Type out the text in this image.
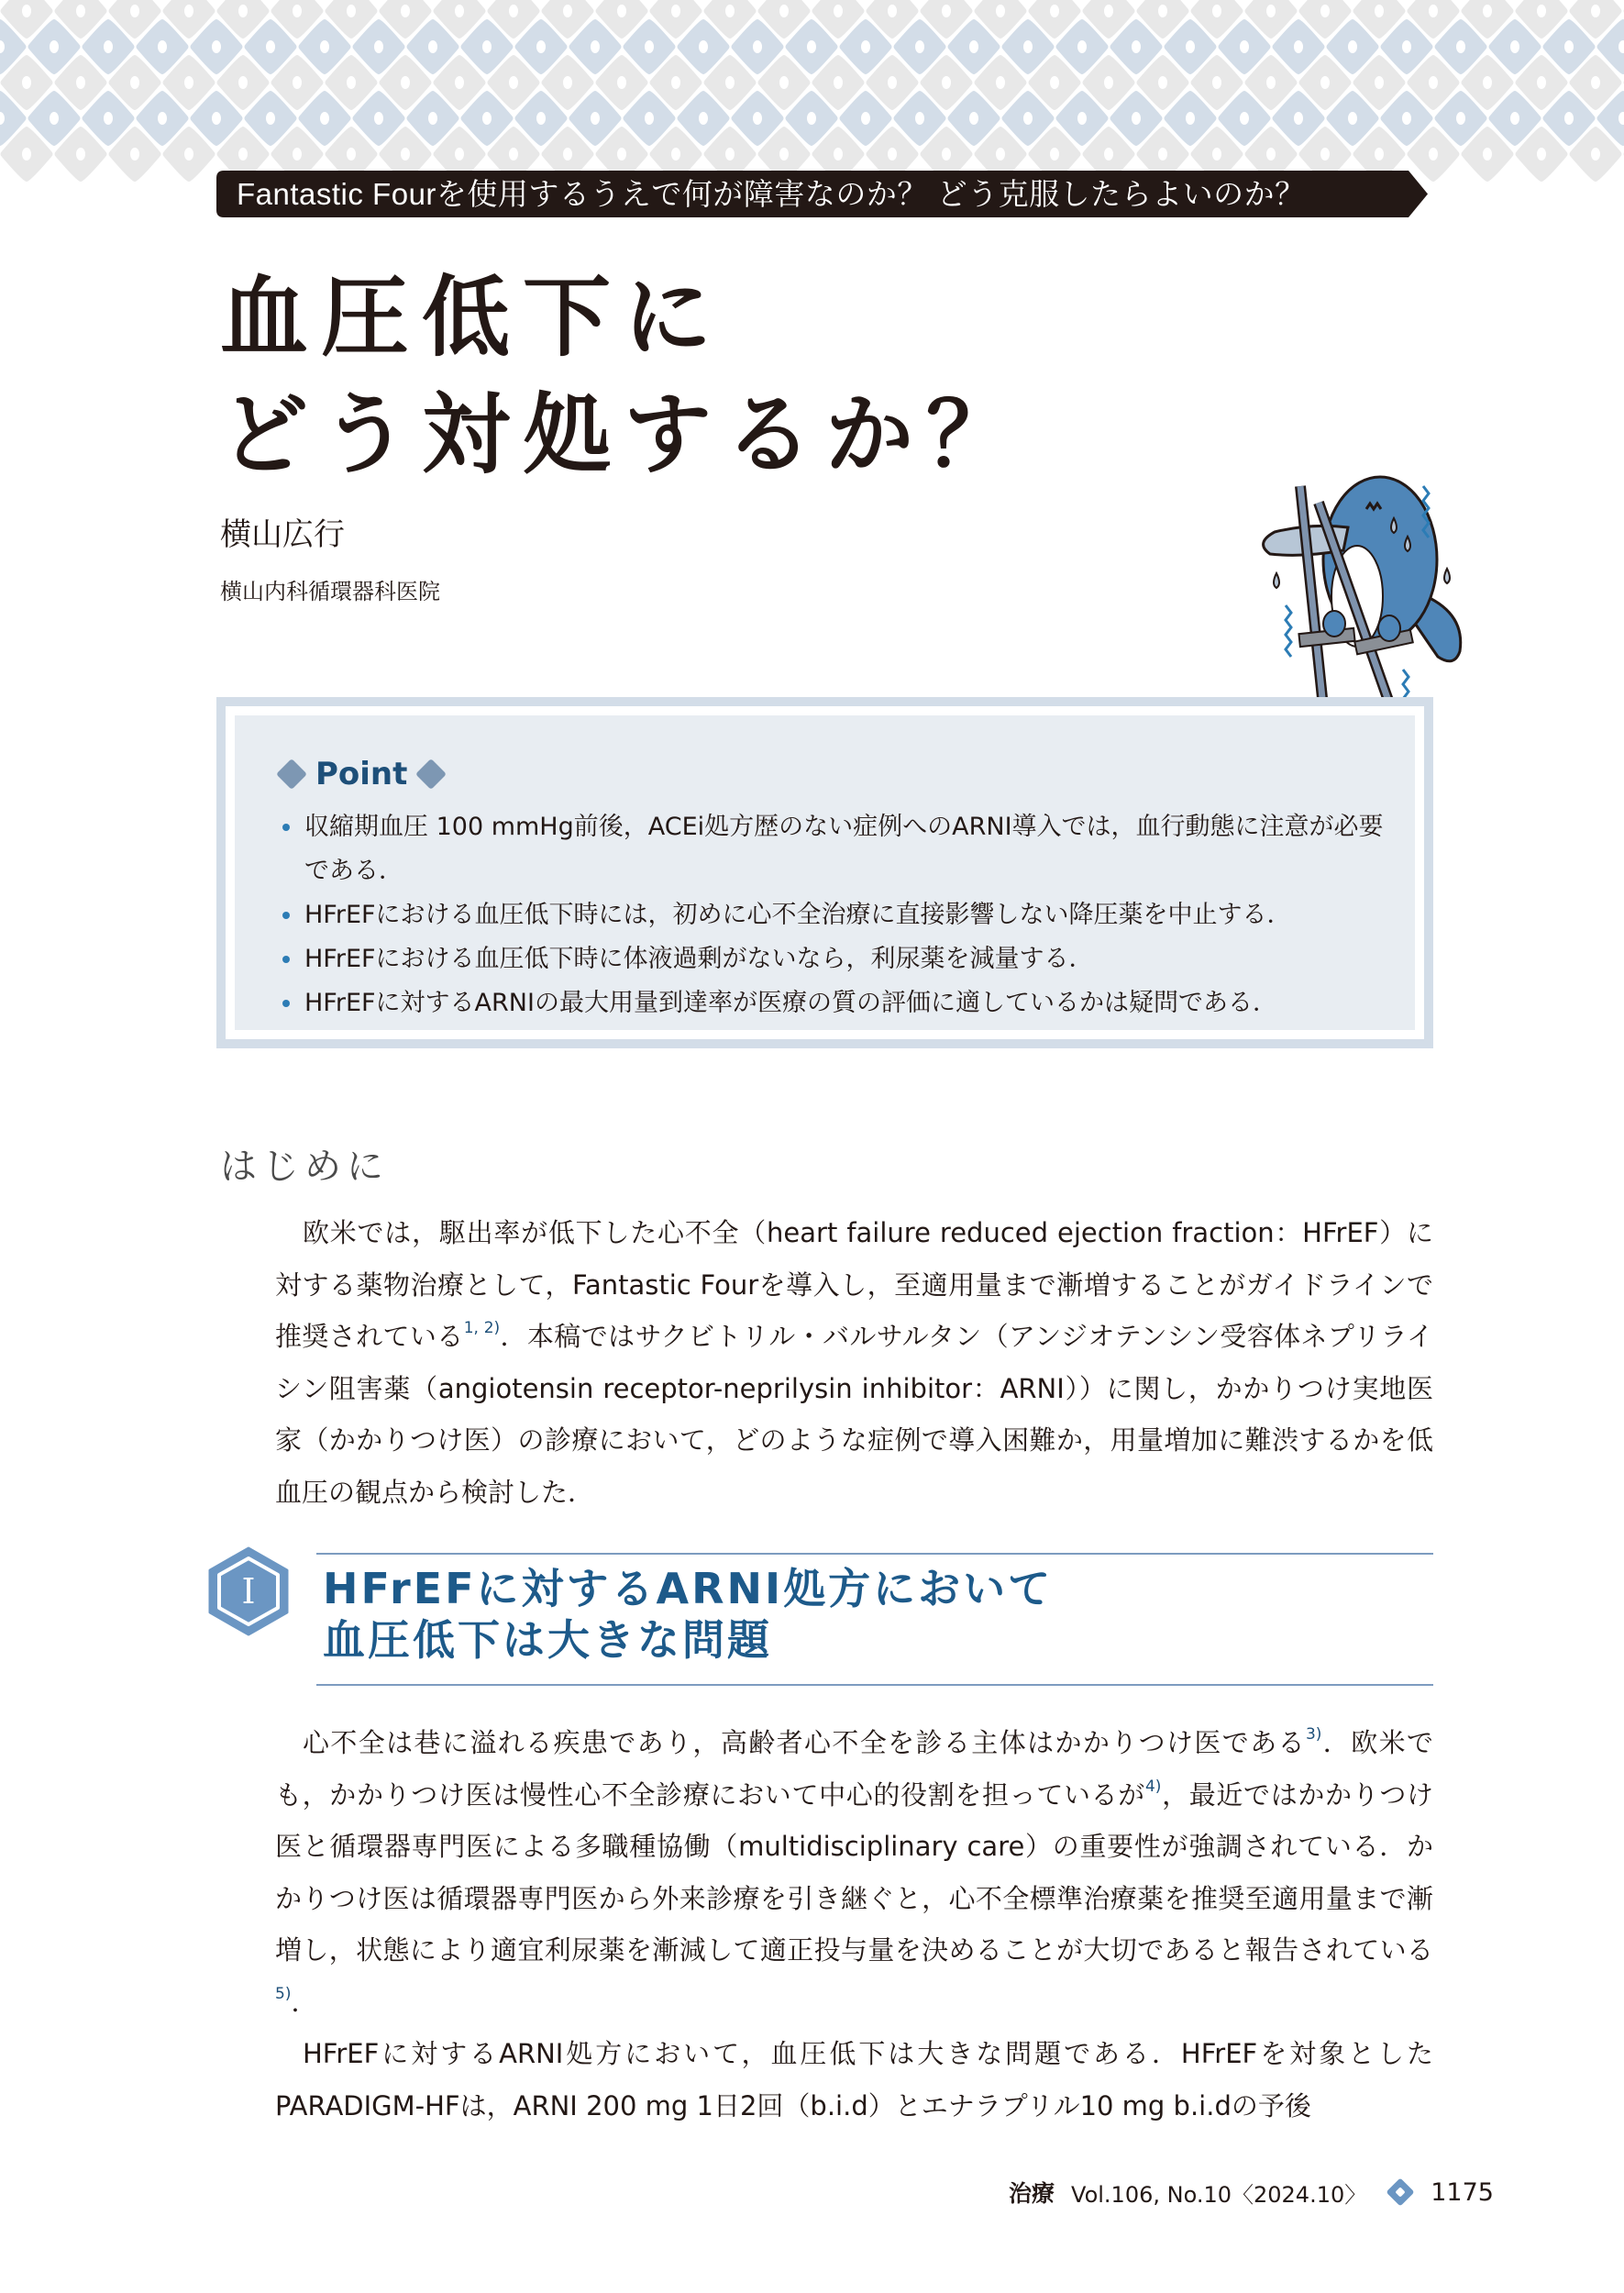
Fantastic Fourを使用するうえで何が障害なのか？ どう克服したらよいのか？
血圧低下に
どう対処するか？
横山広行
横山内科循環器科医院
Point
収縮期血圧 100 mmHg前後，ACEi処方歴のない症例へのARNI導入では，血行動態に注意が必要である．
HFrEFにおける血圧低下時には，初めに心不全治療に直接影響しない降圧薬を中止する．
HFrEFにおける血圧低下時に体液過剰がないなら，利尿薬を減量する．
HFrEFに対するARNIの最大用量到達率が医療の質の評価に適しているかは疑問である．
はじめに

欧米では，駆出率が低下した心不全（heart failure reduced ejection fraction：HFrEF）に対する薬物治療として，Fantastic Fourを導入し，至適用量まで漸増することがガイドラインで推奨されている$^{1, 2)}$．本稿ではサクビトリル・バルサルタン（アンジオテンシン受容体ネプリライシン阻害薬（angiotensin receptor-neprilysin inhibitor：ARNI））に関し，かかりつけ実地医家（かかりつけ医）の診療において，どのような症例で導入困難か，用量増加に難渋するかを低血圧の観点から検討した．

I HFrEFに対するARNI処方において
血圧低下は大きな問題

心不全は巷に溢れる疾患であり，高齢者心不全を診る主体はかかりつけ医である$^{3)}$．欧米でも，かかりつけ医は慢性心不全診療において中心的役割を担っているが$^{4)}$，最近ではかかりつけ医と循環器専門医による多職種協働（multidisciplinary care）の重要性が強調されている．かかりつけ医は循環器専門医から外来診療を引き継ぐと，心不全標準治療薬を推奨至適用量まで漸増し，状態により適宜利尿薬を漸減して適正投与量を決めることが大切であると報告されている$^{5)}$．

HFrEFに対するARNI処方において，血圧低下は大きな問題である．HFrEFを対象としたPARADIGM-HFは，ARNI 200 mg 1日2回（b.i.d）とエナラプリル10 mg b.i.dの予後

治療 Vol.106, No.10〈2024.10〉	1175
